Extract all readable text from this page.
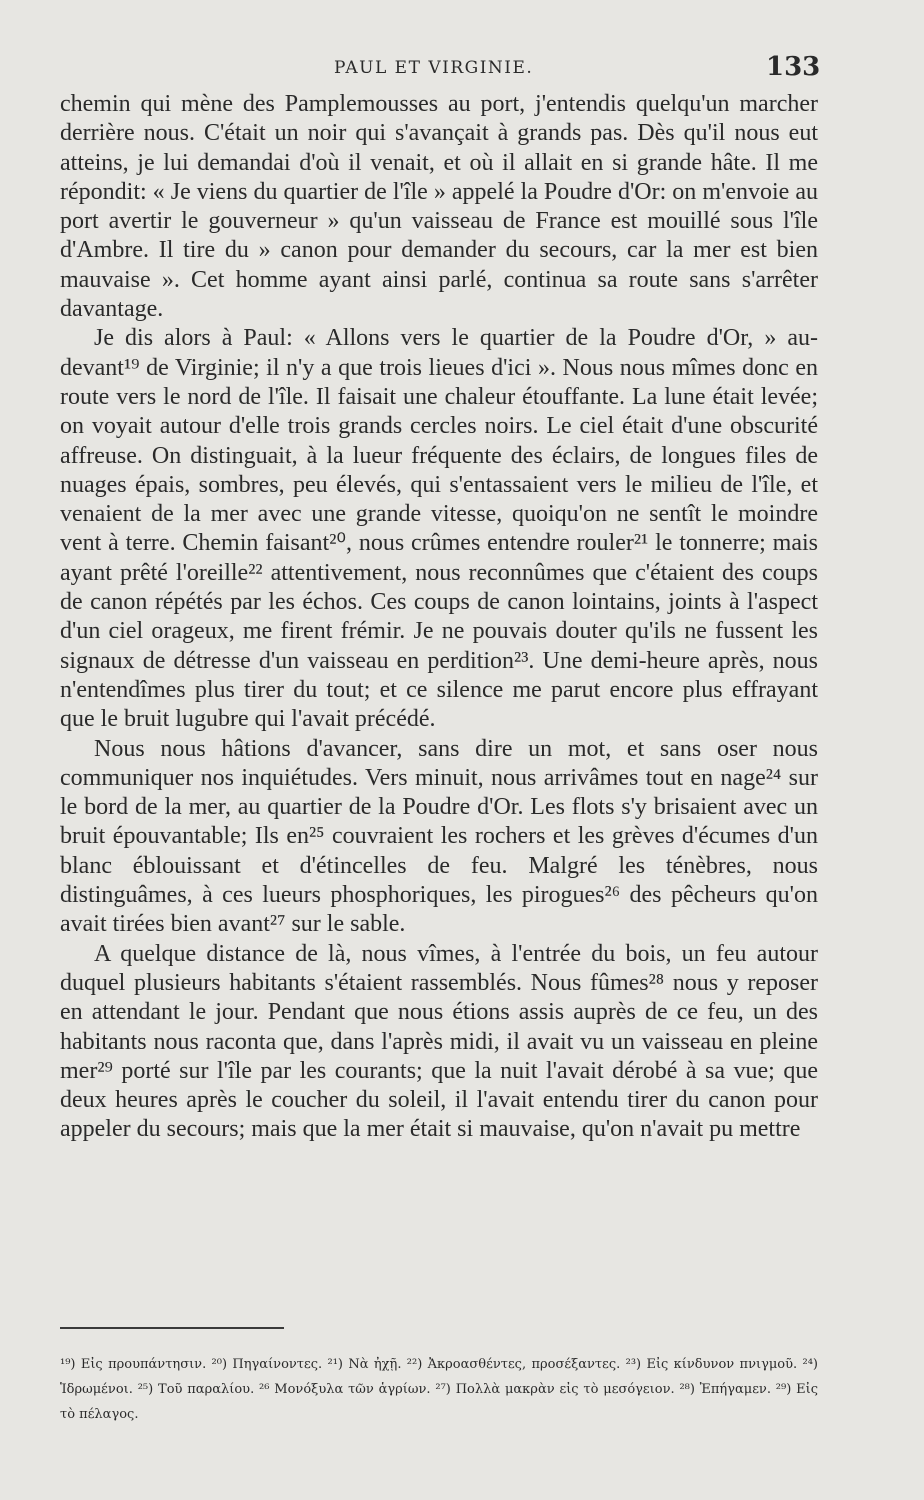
PAUL ET VIRGINIE.	133

chemin qui mène des Pamplemousses au port, j'entendis quelqu'un marcher derrière nous. C'était un noir qui s'avançait à grands pas. Dès qu'il nous eut atteins, je lui demandai d'où il venait, et où il allait en si grande hâte. Il me répondit: « Je viens du quartier de l'île » appelé la Poudre d'Or: on m'envoie au port avertir le gouverneur » qu'un vaisseau de France est mouillé sous l'île d'Ambre. Il tire du » canon pour demander du secours, car la mer est bien mauvaise ». Cet homme ayant ainsi parlé, continua sa route sans s'arrêter davantage.

Je dis alors à Paul: « Allons vers le quartier de la Poudre d'Or, » au-devant¹⁹ de Virginie; il n'y a que trois lieues d'ici ». Nous nous mîmes donc en route vers le nord de l'île. Il faisait une chaleur étouffante. La lune était levée; on voyait autour d'elle trois grands cercles noirs. Le ciel était d'une obscurité affreuse. On distinguait, à la lueur fréquente des éclairs, de longues files de nuages épais, sombres, peu élevés, qui s'entassaient vers le milieu de l'île, et venaient de la mer avec une grande vitesse, quoiqu'on ne sentît le moindre vent à terre. Chemin faisant²⁰, nous crûmes entendre rouler²¹ le tonnerre; mais ayant prêté l'oreille²² attentivement, nous reconnûmes que c'étaient des coups de canon répétés par les échos. Ces coups de canon lointains, joints à l'aspect d'un ciel orageux, me firent frémir. Je ne pouvais douter qu'ils ne fussent les signaux de détresse d'un vaisseau en perdition²³. Une demi-heure après, nous n'entendîmes plus tirer du tout; et ce silence me parut encore plus effrayant que le bruit lugubre qui l'avait précédé.

Nous nous hâtions d'avancer, sans dire un mot, et sans oser nous communiquer nos inquiétudes. Vers minuit, nous arrivâmes tout en nage²⁴ sur le bord de la mer, au quartier de la Poudre d'Or. Les flots s'y brisaient avec un bruit épouvantable; Ils en²⁵ couvraient les rochers et les grèves d'écumes d'un blanc éblouissant et d'étincelles de feu. Malgré les ténèbres, nous distinguâmes, à ces lueurs phosphoriques, les pirogues²⁶ des pêcheurs qu'on avait tirées bien avant²⁷ sur le sable.

A quelque distance de là, nous vîmes, à l'entrée du bois, un feu autour duquel plusieurs habitants s'étaient rassemblés. Nous fûmes²⁸ nous y reposer en attendant le jour. Pendant que nous étions assis auprès de ce feu, un des habitants nous raconta que, dans l'après midi, il avait vu un vaisseau en pleine mer²⁹ porté sur l'île par les courants; que la nuit l'avait dérobé à sa vue; que deux heures après le coucher du soleil, il l'avait entendu tirer du canon pour appeler du secours; mais que la mer était si mauvaise, qu'on n'avait pu mettre

¹⁹) Εἰς προυπάντησιν. ²⁰) Πηγαίνοντες. ²¹) Νὰ ἠχῇ. ²²) Ἀκροασθέντες, προσέξαντες. ²³) Εἰς κίνδυνον πνιγμοῦ. ²⁴) Ἱδρωμένοι. ²⁵) Τοῦ παραλίου. ²⁶ Μονόξυλα τῶν ἁγρίων. ²⁷) Πολλὰ μακρὰν εἰς τὸ μεσόγειον. ²⁸) Ἐπήγαμεν. ²⁹) Εἰς τὸ πέλαγος.
